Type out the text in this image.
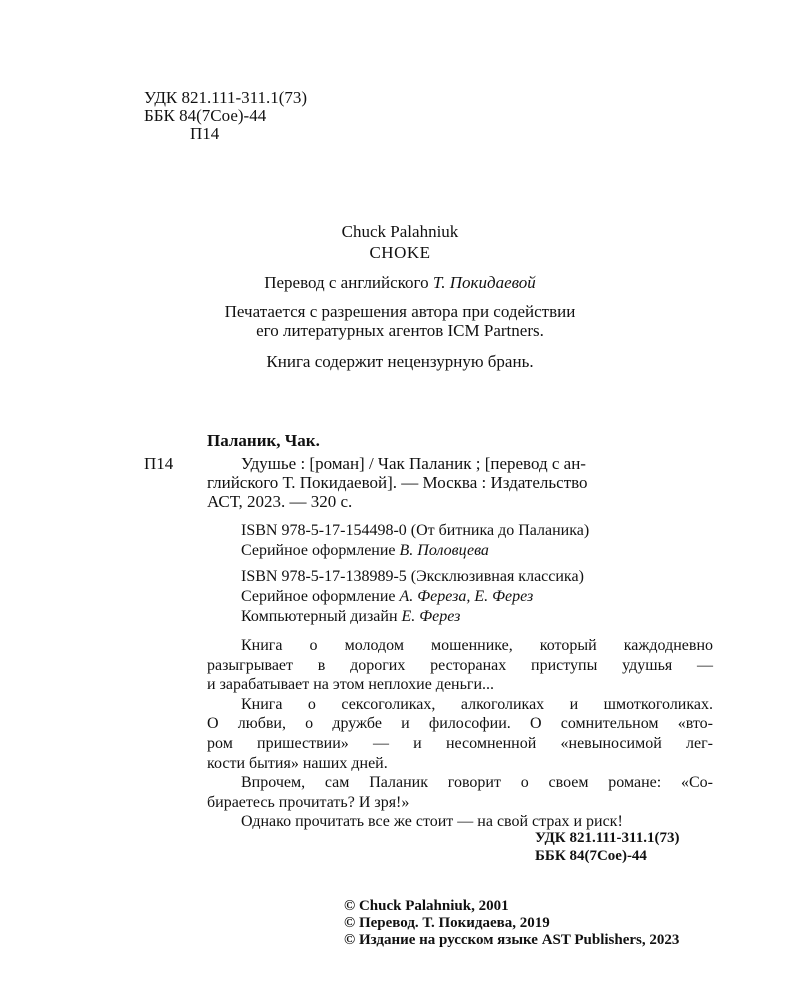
УДК 821.111-311.1(73)
ББК 84(7Сое)-44
П14
Chuck Palahniuk
CHOKE
Перевод с английского Т. Покидаевой
Печатается с разрешения автора при содействии
его литературных агентов ICM Partners.
Книга содержит нецензурную брань.
Паланик, Чак.
П14	Удушье : [роман] / Чак Паланик ; [перевод с ан-
глийского Т. Покидаевой]. — Москва : Издательство
АСТ, 2023. — 320 с.
ISBN 978-5-17-154498-0 (От битника до Паланика)
Серийное оформление В. Половцева
ISBN 978-5-17-138989-5 (Эксклюзивная классика)
Серийное оформление А. Фереза, Е. Ферез
Компьютерный дизайн Е. Ферез
Книга о молодом мошеннике, который каждодневно
разыгрывает в дорогих ресторанах приступы удушья —
и зарабатывает на этом неплохие деньги...
Книга о сексоголиках, алкоголиках и шмоткоголиках.
О любви, о дружбе и философии. О сомнительном «вто-
ром пришествии» — и несомненной «невыносимой лег-
кости бытия» наших дней.
Впрочем, сам Паланик говорит о своем романе: «Со-
бираетесь прочитать? И зря!»
Однако прочитать все же стоит — на свой страх и риск!
УДК 821.111-311.1(73)
ББК 84(7Сое)-44
© Chuck Palahniuk, 2001
© Перевод. Т. Покидаева, 2019
© Издание на русском языке AST Publishers, 2023
